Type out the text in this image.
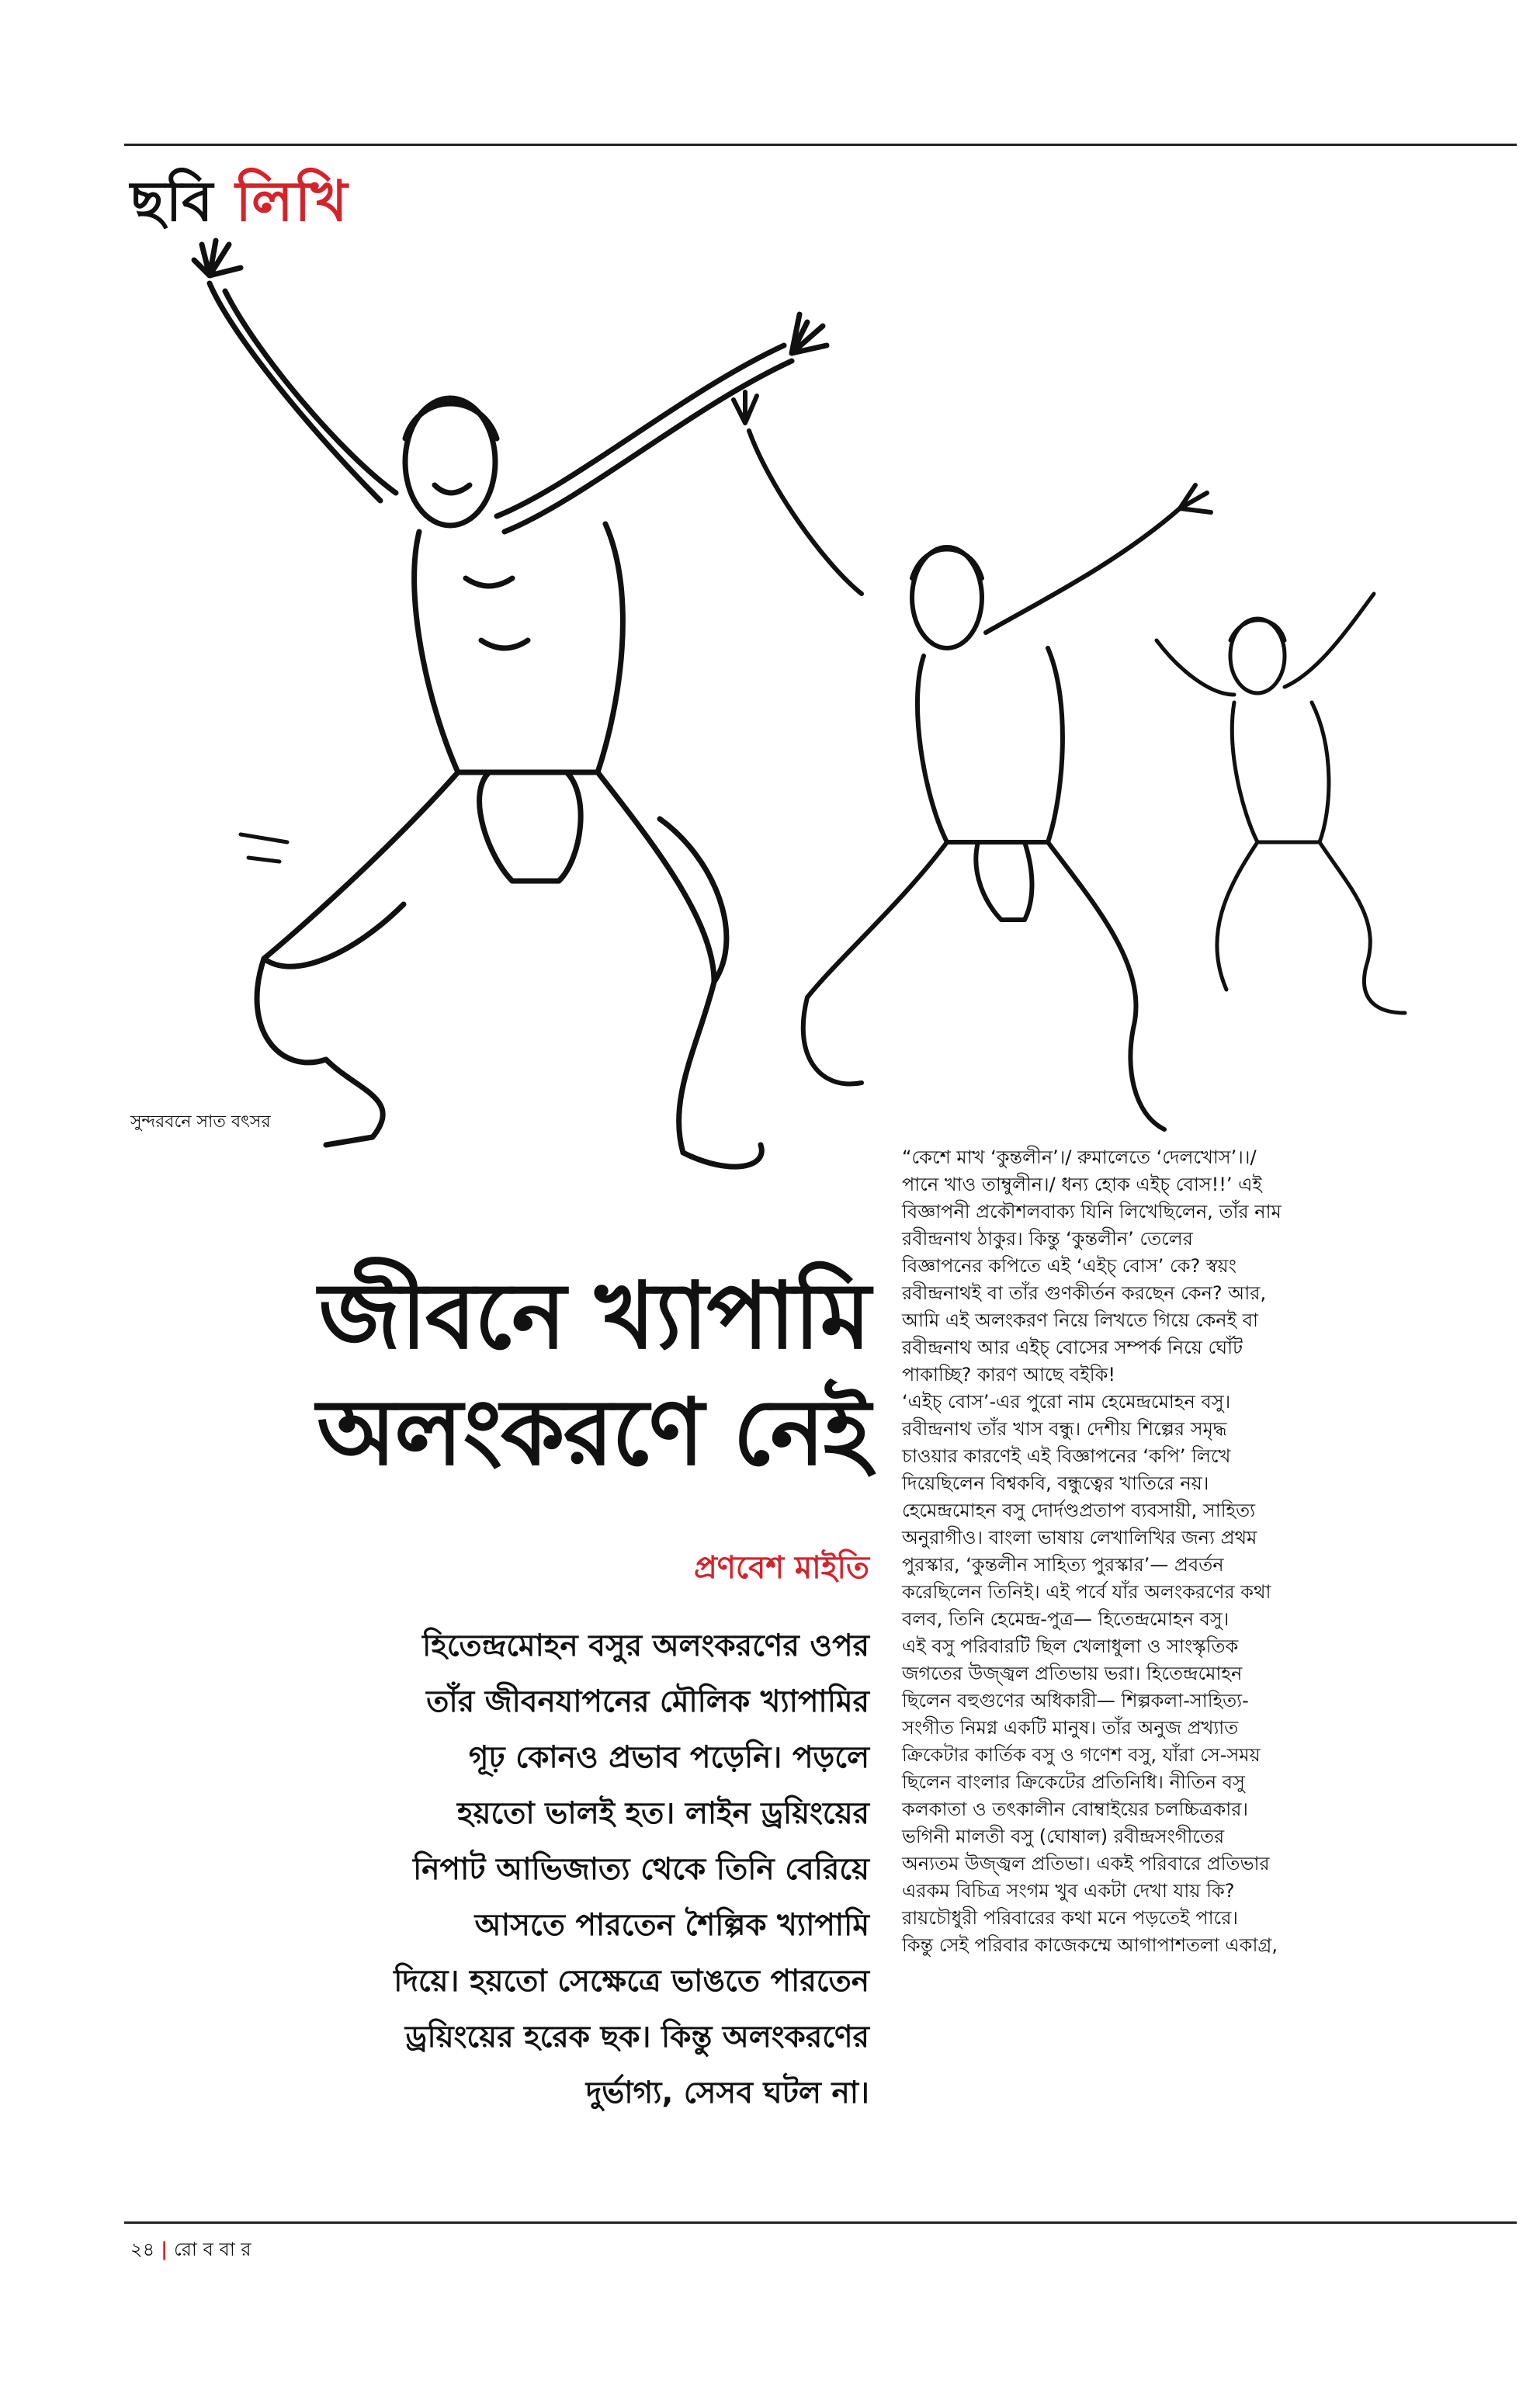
ছবি লিখি
সুন্দরবনে সাত বৎসর
জীবনে খ্যাপামি
অলংকরণে নেই
প্রণবেশ মাইতি
হিতেন্দ্রমোহন বসুর অলংকরণের ওপর
তাঁর জীবনযাপনের মৌলিক খ্যাপামির
গূঢ় কোনও প্রভাব পড়েনি। পড়লে
হয়তো ভালই হত। লাইন ড্রয়িংয়ের
নিপাট আভিজাত্য থেকে তিনি বেরিয়ে
আসতে পারতেন শৈল্পিক খ্যাপামি
দিয়ে। হয়তো সেক্ষেত্রে ভাঙতে পারতেন
ড্রয়িংয়ের হরেক ছক। কিন্তু অলংকরণের
দুর্ভাগ্য, সেসব ঘটল না।
“কেশে মাখ ‘কুন্তলীন’।/ রুমালেতে ‘দেলখোস’।।/
পানে খাও তাম্বুলীন।/ ধন্য হোক এইচ্‌ বোস!!’ এই
বিজ্ঞাপনী প্রকৌশলবাক্য যিনি লিখেছিলেন, তাঁর নাম
রবীন্দ্রনাথ ঠাকুর। কিন্তু ‘কুন্তলীন’ তেলের
বিজ্ঞাপনের কপিতে এই ‘এইচ্‌ বোস’ কে? স্বয়ং
রবীন্দ্রনাথই বা তাঁর গুণকীর্তন করছেন কেন? আর,
আমি এই অলংকরণ নিয়ে লিখতে গিয়ে কেনই বা
রবীন্দ্রনাথ আর এইচ্‌ বোসের সম্পর্ক নিয়ে ঘোঁট
পাকাচ্ছি? কারণ আছে বইকি!
‘এইচ্‌ বোস’-এর পুরো নাম হেমেন্দ্রমোহন বসু।
রবীন্দ্রনাথ তাঁর খাস বন্ধু। দেশীয় শিল্পের সমৃদ্ধ
চাওয়ার কারণেই এই বিজ্ঞাপনের ‘কপি’ লিখে
দিয়েছিলেন বিশ্বকবি, বন্ধুত্বের খাতিরে নয়।
হেমেন্দ্রমোহন বসু দোর্দণ্ডপ্রতাপ ব্যবসায়ী, সাহিত্য
অনুরাগীও। বাংলা ভাষায় লেখালিখির জন্য প্রথম
পুরস্কার, ‘কুন্তলীন সাহিত্য পুরস্কার’— প্রবর্তন
করেছিলেন তিনিই। এই পর্বে যাঁর অলংকরণের কথা
বলব, তিনি হেমেন্দ্র-পুত্র— হিতেন্দ্রমোহন বসু।
এই বসু পরিবারটি ছিল খেলাধুলা ও সাংস্কৃতিক
জগতের উজ্জ্বল প্রতিভায় ভরা। হিতেন্দ্রমোহন
ছিলেন বহুগুণের অধিকারী— শিল্পকলা-সাহিত্য-
সংগীত নিমগ্ন একটি মানুষ। তাঁর অনুজ প্রখ্যাত
ক্রিকেটার কার্তিক বসু ও গণেশ বসু, যাঁরা সে-সময়
ছিলেন বাংলার ক্রিকেটের প্রতিনিধি। নীতিন বসু
কলকাতা ও তৎকালীন বোম্বাইয়ের চলচ্চিত্রকার।
ভগিনী মালতী বসু (ঘোষাল) রবীন্দ্রসংগীতের
অন্যতম উজ্জ্বল প্রতিভা। একই পরিবারে প্রতিভার
এরকম বিচিত্র সংগম খুব একটা দেখা যায় কি?
রায়চৌধুরী পরিবারের কথা মনে পড়তেই পারে।
কিন্তু সেই পরিবার কাজেকম্মে আগাপাশতলা একাগ্র,
২৪ | রো ব বা র
